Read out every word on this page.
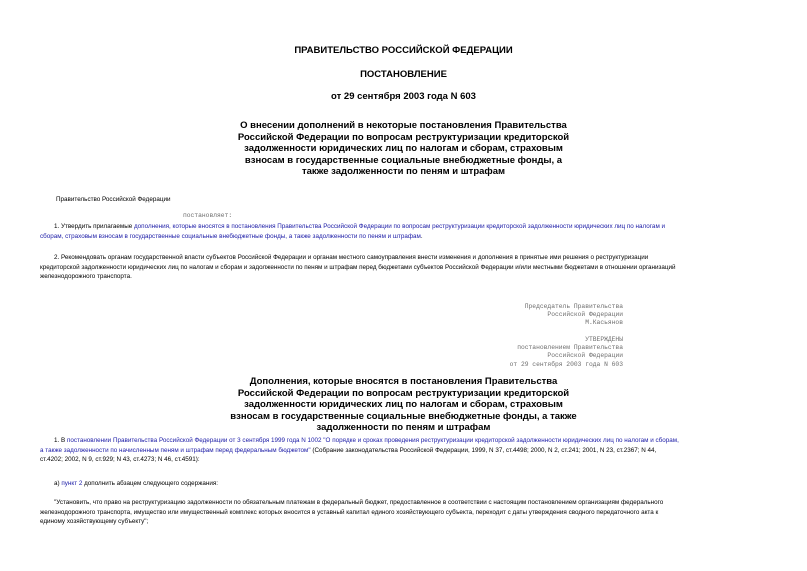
ПРАВИТЕЛЬСТВО РОССИЙСКОЙ ФЕДЕРАЦИИ
ПОСТАНОВЛЕНИЕ
от 29 сентября 2003 года N 603
О внесении дополнений в некоторые постановления Правительства
Российской Федерации по вопросам реструктуризации кредиторской
задолженности юридических лиц по налогам и сборам, страховым
взносам в государственные социальные внебюджетные фонды, а
также задолженности по пеням и штрафам
Правительство Российской Федерации
постановляет:
1. Утвердить прилагаемые дополнения, которые вносятся в постановления Правительства Российской Федерации по вопросам реструктуризации кредиторской задолженности юридических лиц по налогам и
сборам, страховым взносам в государственные социальные внебюджетные фонды, а также задолженности по пеням и штрафам.
2. Рекомендовать органам государственной власти субъектов Российской Федерации и органам местного самоуправления внести изменения и дополнения в принятые ими решения о реструктуризации
кредиторской задолженности юридических лиц по налогам и сборам и задолженности по пеням и штрафам перед бюджетами субъектов Российской Федерации и/или местными бюджетами в отношении организаций
железнодорожного транспорта.
Председатель Правительства
Российской Федерации
М.Касьянов
УТВЕРЖДЕНЫ
постановлением Правительства
Российской Федерации
от 29 сентября 2003 года N 603
Дополнения, которые вносятся в постановления Правительства
Российской Федерации по вопросам реструктуризации кредиторской
задолженности юридических лиц по налогам и сборам, страховым
взносам в государственные социальные внебюджетные фонды, а также
задолженности по пеням и штрафам
1. В постановлении Правительства Российской Федерации от 3 сентября 1999 года N 1002 "О порядке и сроках проведения реструктуризации кредиторской задолженности юридических лиц по налогам и сборам,
а также задолженности по начисленным пеням и штрафам перед федеральным бюджетом" (Собрание законодательства Российской Федерации, 1999, N 37, ст.4498; 2000, N 2, ст.241; 2001, N 23, ст.2367; N 44,
ст.4202; 2002, N 9, ст.929; N 43, ст.4273; N 46, ст.4591):
а) пункт 2 дополнить абзацем следующего содержания:
"Установить, что право на реструктуризацию задолженности по обязательным платежам в федеральный бюджет, предоставленное в соответствии с настоящим постановлением организациям федерального
железнодорожного транспорта, имущество или имущественный комплекс которых вносится в уставный капитал единого хозяйствующего субъекта, переходит с даты утверждения сводного передаточного акта к
единому хозяйствующему субъекту";
